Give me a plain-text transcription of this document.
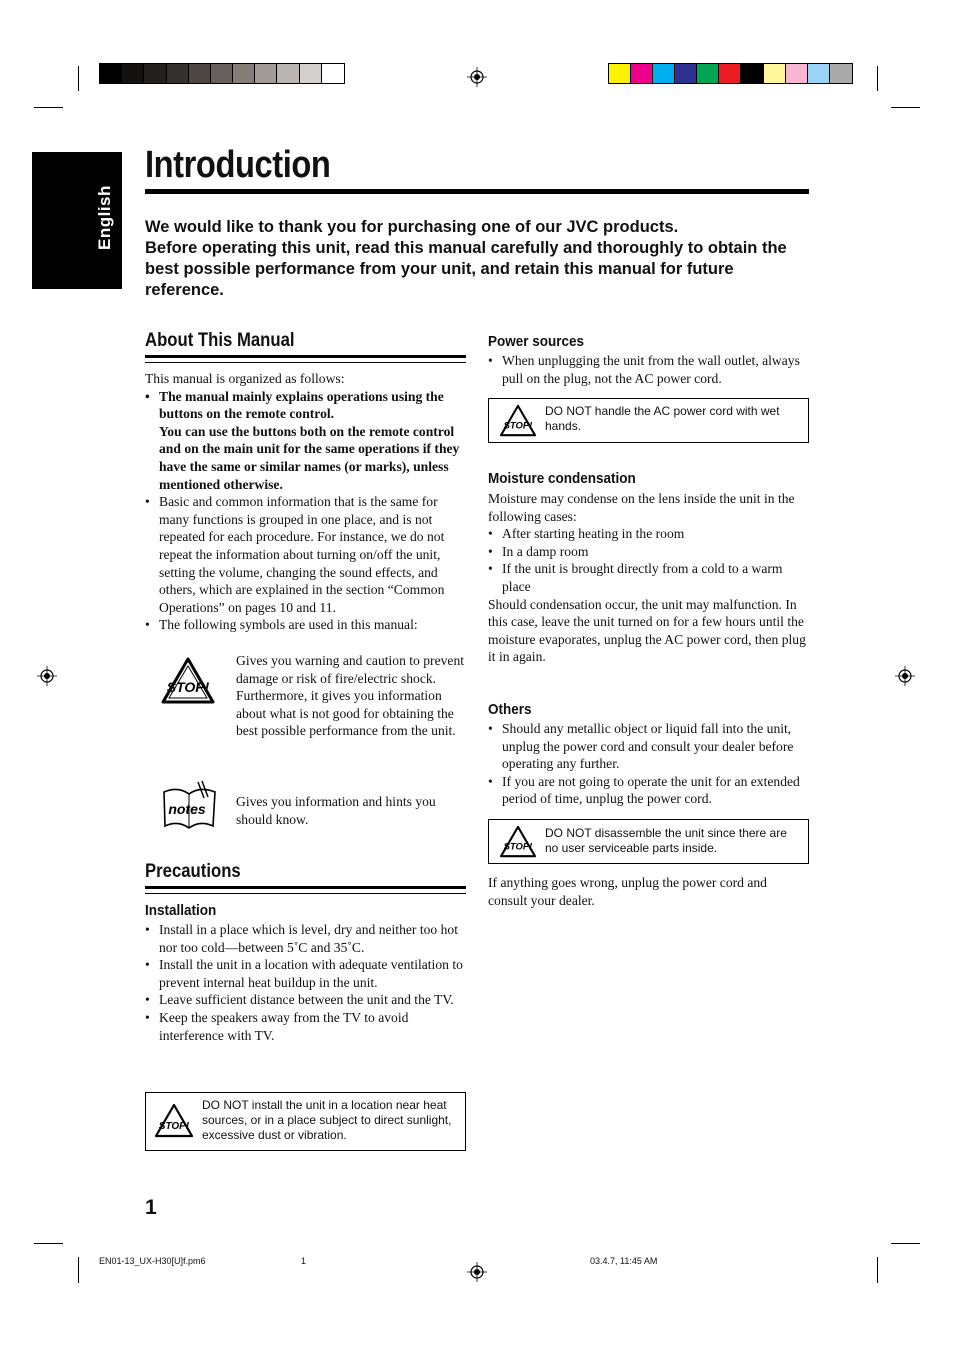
English
Introduction

We would like to thank you for purchasing one of our JVC products.

Before operating this unit, read this manual carefully and thoroughly to obtain the best possible performance from your unit, and retain this manual for future reference.

About This Manual

This manual is organized as follows:

• The manual mainly explains operations using the buttons on the remote control.
You can use the buttons both on the remote control and on the main unit for the same operations if they have the same or similar names (or marks), unless mentioned otherwise.
• Basic and common information that is the same for many functions is grouped in one place, and is not repeated for each procedure. For instance, we do not repeat the information about turning on/off the unit, setting the volume, changing the sound effects, and others, which are explained in the section “Common Operations” on pages 10 and 11.
• The following symbols are used in this manual:
STOP!

Gives you warning and caution to prevent damage or risk of fire/electric shock.

Furthermore, it gives you information about what is not good for obtaining the best possible performance from the unit.

notes Gives you information and hints you should know.
Precautions
Installation
• Install in a place which is level, dry and neither too hot nor too cold—between 5˚C and 35˚C.
• Install the unit in a location with adequate ventilation to prevent internal heat buildup in the unit.
• Leave sufficient distance between the unit and the TV.
• Keep the speakers away from the TV to avoid interference with TV.
STOP!
DO NOT install the unit in a location near heat sources, or in a place subject to direct sunlight, excessive dust or vibration.
Power sources
• When unplugging the unit from the wall outlet, always pull on the plug, not the AC power cord.
STOP!
DO NOT handle the AC power cord with wet hands.
Moisture condensation

Moisture may condense on the lens inside the unit in the following cases:

• After starting heating in the room
• In a damp room
• If the unit is brought directly from a cold to a warm place

Should condensation occur, the unit may malfunction. In this case, leave the unit turned on for a few hours until the moisture evaporates, unplug the AC power cord, then plug it in again.

Others
• Should any metallic object or liquid fall into the unit, unplug the power cord and consult your dealer before operating any further.
• If you are not going to operate the unit for an extended period of time, unplug the power cord.
STOP!
DO NOT disassemble the unit since there are no user serviceable parts inside.
If anything goes wrong, unplug the power cord and consult your dealer.
1
EN01-13_UX-H30[U]f.pm6	1	03.4.7, 11:45 AM
